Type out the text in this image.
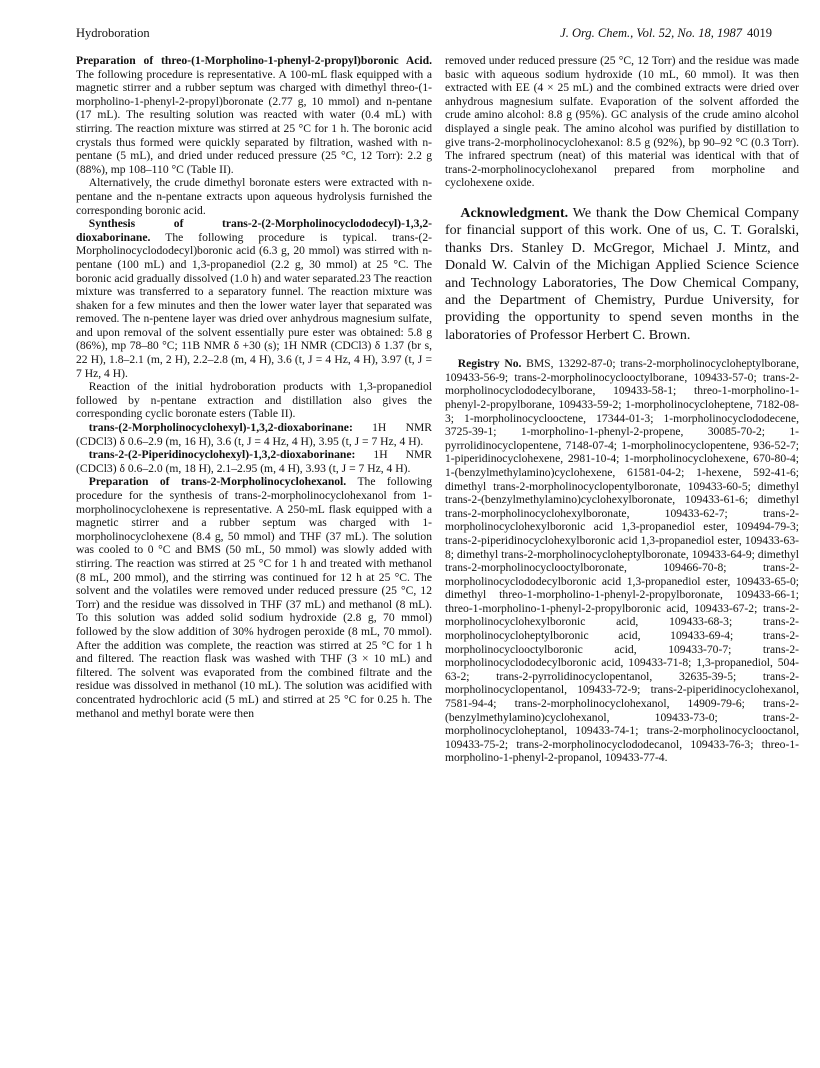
Hydroboration	J. Org. Chem., Vol. 52, No. 18, 1987 4019

Preparation of threo-(1-Morpholino-1-phenyl-2-propyl)boronic Acid. The following procedure is representative. A 100-mL flask equipped with a magnetic stirrer and a rubber septum was charged with dimethyl threo-(1-morpholino-1-phenyl-2-propyl)boronate (2.77 g, 10 mmol) and n-pentane (17 mL). The resulting solution was reacted with water (0.4 mL) with stirring. The reaction mixture was stirred at 25 °C for 1 h. The boronic acid crystals thus formed were quickly separated by filtration, washed with n-pentane (5 mL), and dried under reduced pressure (25 °C, 12 Torr): 2.2 g (88%), mp 108–110 °C (Table II).

Alternatively, the crude dimethyl boronate esters were extracted with n-pentane and the n-pentane extracts upon aqueous hydrolysis furnished the corresponding boronic acid.

Synthesis of trans-2-(2-Morpholinocyclododecyl)-1,3,2-dioxaborinane. The following procedure is typical. trans-(2-Morpholinocyclododecyl)boronic acid (6.3 g, 20 mmol) was stirred with n-pentane (100 mL) and 1,3-propanediol (2.2 g, 30 mmol) at 25 °C. The boronic acid gradually dissolved (1.0 h) and water separated.23 The reaction mixture was transferred to a separatory funnel. The reaction mixture was shaken for a few minutes and then the lower water layer that separated was removed. The n-pentene layer was dried over anhydrous magnesium sulfate, and upon removal of the solvent essentially pure ester was obtained: 5.8 g (86%), mp 78–80 °C; 11B NMR δ +30 (s); 1H NMR (CDCl3) δ 1.37 (br s, 22 H), 1.8–2.1 (m, 2 H), 2.2–2.8 (m, 4 H), 3.6 (t, J = 4 Hz, 4 H), 3.97 (t, J = 7 Hz, 4 H).

Reaction of the initial hydroboration products with 1,3-propanediol followed by n-pentane extraction and distillation also gives the corresponding cyclic boronate esters (Table II).

trans-(2-Morpholinocyclohexyl)-1,3,2-dioxaborinane: 1H NMR (CDCl3) δ 0.6–2.9 (m, 16 H), 3.6 (t, J = 4 Hz, 4 H), 3.95 (t, J = 7 Hz, 4 H).

trans-2-(2-Piperidinocyclohexyl)-1,3,2-dioxaborinane: 1H NMR (CDCl3) δ 0.6–2.0 (m, 18 H), 2.1–2.95 (m, 4 H), 3.93 (t, J = 7 Hz, 4 H).

Preparation of trans-2-Morpholinocyclohexanol. The following procedure for the synthesis of trans-2-morpholinocyclohexanol from 1-morpholinocyclohexene is representative. A 250-mL flask equipped with a magnetic stirrer and a rubber septum was charged with 1-morpholinocyclohexene (8.4 g, 50 mmol) and THF (37 mL). The solution was cooled to 0 °C and BMS (50 mL, 50 mmol) was slowly added with stirring. The reaction was stirred at 25 °C for 1 h and treated with methanol (8 mL, 200 mmol), and the stirring was continued for 12 h at 25 °C. The solvent and the volatiles were removed under reduced pressure (25 °C, 12 Torr) and the residue was dissolved in THF (37 mL) and methanol (8 mL). To this solution was added solid sodium hydroxide (2.8 g, 70 mmol) followed by the slow addition of 30% hydrogen peroxide (8 mL, 70 mmol). After the addition was complete, the reaction was stirred at 25 °C for 1 h and filtered. The reaction flask was washed with THF (3 × 10 mL) and filtered. The solvent was evaporated from the combined filtrate and the residue was dissolved in methanol (10 mL). The solution was acidified with concentrated hydrochloric acid (5 mL) and stirred at 25 °C for 0.25 h. The methanol and methyl borate were then

removed under reduced pressure (25 °C, 12 Torr) and the residue was made basic with aqueous sodium hydroxide (10 mL, 60 mmol). It was then extracted with EE (4 × 25 mL) and the combined extracts were dried over anhydrous magnesium sulfate. Evaporation of the solvent afforded the crude amino alcohol: 8.8 g (95%). GC analysis of the crude amino alcohol displayed a single peak. The amino alcohol was purified by distillation to give trans-2-morpholinocyclohexanol: 8.5 g (92%), bp 90–92 °C (0.3 Torr). The infrared spectrum (neat) of this material was identical with that of trans-2-morpholinocyclohexanol prepared from morpholine and cyclohexene oxide.

Acknowledgment. We thank the Dow Chemical Company for financial support of this work. One of us, C. T. Goralski, thanks Drs. Stanley D. McGregor, Michael J. Mintz, and Donald W. Calvin of the Michigan Applied Science Science and Technology Laboratories, The Dow Chemical Company, and the Department of Chemistry, Purdue University, for providing the opportunity to spend seven months in the laboratories of Professor Herbert C. Brown.

Registry No. BMS, 13292-87-0; trans-2-morpholinocycloheptylborane, 109433-56-9; trans-2-morpholinocyclooctylborane, 109433-57-0; trans-2-morpholinocyclododecylborane, 109433-58-1; threo-1-morpholino-1-phenyl-2-propylborane, 109433-59-2; 1-morpholinocycloheptene, 7182-08-3; 1-morpholinocyclooctene, 17344-01-3; 1-morpholinocyclododecene, 3725-39-1; 1-morpholino-1-phenyl-2-propene, 30085-70-2; 1-pyrrolidinocyclopentene, 7148-07-4; 1-morpholinocyclopentene, 936-52-7; 1-piperidinocyclohexene, 2981-10-4; 1-morpholinocyclohexene, 670-80-4; 1-(benzylmethylamino)cyclohexene, 61581-04-2; 1-hexene, 592-41-6; dimethyl trans-2-morpholinocyclopentylboronate, 109433-60-5; dimethyl trans-2-(benzylmethylamino)cyclohexylboronate, 109433-61-6; dimethyl trans-2-morpholinocyclohexylboronate, 109433-62-7; trans-2-morpholinocyclohexylboronic acid 1,3-propanediol ester, 109494-79-3; trans-2-piperidinocyclohexylboronic acid 1,3-propanediol ester, 109433-63-8; dimethyl trans-2-morpholinocycloheptylboronate, 109433-64-9; dimethyl trans-2-morpholinocyclooctylboronate, 109466-70-8; trans-2-morpholinocyclododecylboronic acid 1,3-propanediol ester, 109433-65-0; dimethyl threo-1-morpholino-1-phenyl-2-propylboronate, 109433-66-1; threo-1-morpholino-1-phenyl-2-propylboronic acid, 109433-67-2; trans-2-morpholinocyclohexylboronic acid, 109433-68-3; trans-2-morpholinocycloheptylboronic acid, 109433-69-4; trans-2-morpholinocyclooctylboronic acid, 109433-70-7; trans-2-morpholinocyclododecylboronic acid, 109433-71-8; 1,3-propanediol, 504-63-2; trans-2-pyrrolidinocyclopentanol, 32635-39-5; trans-2-morpholinocyclopentanol, 109433-72-9; trans-2-piperidinocyclohexanol, 7581-94-4; trans-2-morpholinocyclohexanol, 14909-79-6; trans-2-(benzylmethylamino)cyclohexanol, 109433-73-0; trans-2-morpholinocycloheptanol, 109433-74-1; trans-2-morpholinocyclooctanol, 109433-75-2; trans-2-morpholinocyclododecanol, 109433-76-3; threo-1-morpholino-1-phenyl-2-propanol, 109433-77-4.
